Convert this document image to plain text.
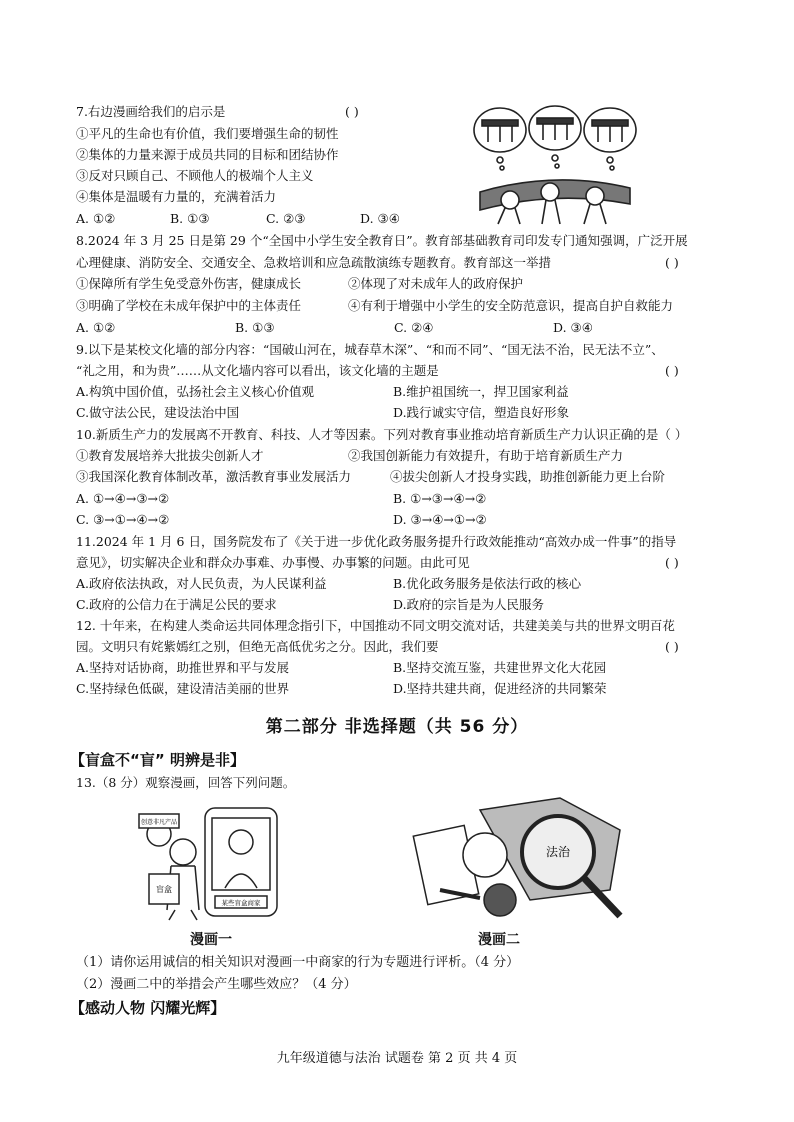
7.右边漫画给我们的启示是	( )
①平凡的生命也有价值，我们要增强生命的韧性
②集体的力量来源于成员共同的目标和团结协作
③反对只顾自己、不顾他人的极端个人主义
④集体是温暖有力量的，充满着活力
A. ①②	B. ①③	C. ②③	D. ③④
8.2024 年 3 月 25 日是第 29 个“全国中小学生安全教育日”。教育部基础教育司印发专门通知强调，广泛开展
心理健康、消防安全、交通安全、急救培训和应急疏散演练专题教育。教育部这一举措	( )
①保障所有学生免受意外伤害，健康成长	②体现了对未成年人的政府保护
③明确了学校在未成年保护中的主体责任	④有利于增强中小学生的安全防范意识，提高自护自救能力
A. ①②	B. ①③	C. ②④	D. ③④
9.以下是某校文化墙的部分内容：“国破山河在，城春草木深”、“和而不同”、“国无法不治，民无法不立”、
“礼之用，和为贵”……从文化墙内容可以看出，该文化墙的主题是	( )
A.构筑中国价值，弘扬社会主义核心价值观	B.维护祖国统一，捍卫国家利益
C.做守法公民，建设法治中国	D.践行诚实守信，塑造良好形象
10.新质生产力的发展离不开教育、科技、人才等因素。下列对教育事业推动培育新质生产力认识正确的是（ ）
①教育发展培养大批拔尖创新人才	②我国创新能力有效提升，有助于培育新质生产力
③我国深化教育体制改革，激活教育事业发展活力	④拔尖创新人才投身实践，助推创新能力更上台阶
A. ①→④→③→②	B. ①→③→④→②
C. ③→①→④→②	D. ③→④→①→②
11.2024 年 1 月 6 日，国务院发布了《关于进一步优化政务服务提升行政效能推动“高效办成一件事”的指导
意见》，切实解决企业和群众办事难、办事慢、办事繁的问题。由此可见	( )
A.政府依法执政，对人民负责，为人民谋利益	B.优化政务服务是依法行政的核心
C.政府的公信力在于满足公民的要求	D.政府的宗旨是为人民服务
12. 十年来，在构建人类命运共同体理念指引下，中国推动不同文明交流对话，共建美美与共的世界文明百花
园。文明只有姹紫嫣红之别，但绝无高低优劣之分。因此，我们要	( )
A.坚持对话协商，助推世界和平与发展	B.坚持交流互鉴，共建世界文化大花园
C.坚持绿色低碳，建设清洁美丽的世界	D.坚持共建共商，促进经济的共同繁荣
第二部分 非选择题（共 56 分）
【盲盒不“盲” 明辨是非】
13.（8 分）观察漫画，回答下列问题。
盲盒
某些盲盒商家
创意非凡产品
漫画一
法治
漫画二
（1）请你运用诚信的相关知识对漫画一中商家的行为专题进行评析。（4 分）
（2）漫画二中的举措会产生哪些效应？（4 分）
【感动人物 闪耀光辉】
九年级道德与法治 试题卷 第 2 页 共 4 页
